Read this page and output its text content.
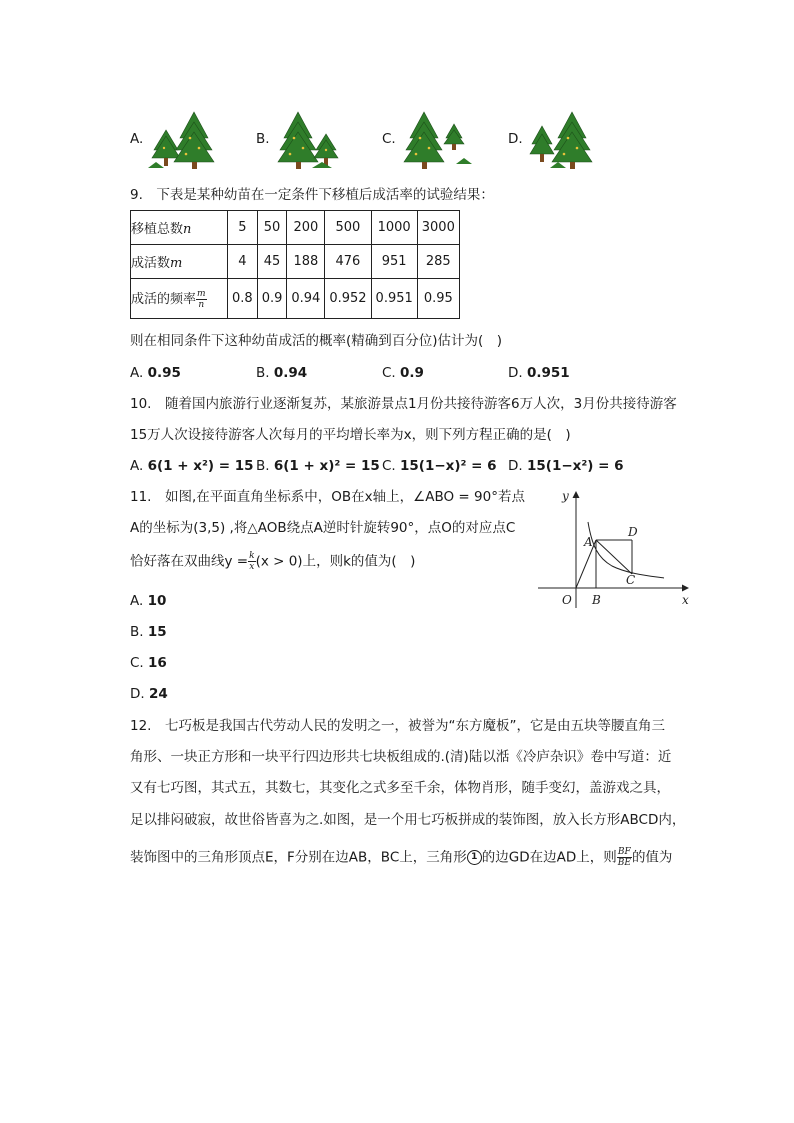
A.	B.	C.	D.
9.　下表是某种幼苗在一定条件下移植后成活率的试验结果：
移植总数n	5	50	200	500	1000	3000
成活数m	4	45	188	476	951	285
成活的频率 $\frac{m}{n}$	0.8	0.9	0.94	0.952	0.951	0.95
则在相同条件下这种幼苗成活的概率(精确到百分位)估计为(　)
A. 0.95	B. 0.94	C. 0.9	D. 0.951
10.　随着国内旅游行业逐渐复苏，某旅游景点1月份共接待游客6万人次，3月份共接待游客
15万人次设接待游客人次每月的平均增长率为x，则下列方程正确的是(　)
A. 6(1 + x²) = 15 B. 6(1 + x)² = 15 C. 15(1−x)² = 6 D. 15(1−x²) = 6
11.　如图,在平面直角坐标系中，OB在x轴上，∠ABO = 90°若点
A的坐标为(3,5) ,将△AOB绕点A逆时针旋转90°，点O的对应点C
恰好落在双曲线$y = \frac{k}{x} (x > 0)$上，则k的值为(　)
A. 10
B. 15
C. 16
D. 24
y
x
O
A
B
C
D
12.　七巧板是我国古代劳动人民的发明之一，被誉为“东方魔板”，它是由五块等腰直角三
角形、一块正方形和一块平行四边形共七块板组成的.(清)陆以湉《冷庐杂识》卷中写道：近
又有七巧图，其式五，其数七，其变化之式多至千余，体物肖形，随手变幻，盖游戏之具，
足以排闷破寂，故世俗皆喜为之.如图，是一个用七巧板拼成的装饰图，放入长方形ABCD内，
装饰图中的三角形顶点E，F分别在边AB，BC上，三角形 1 的边GD在边AD上，则 $\frac{BF}{BE}$ 的值为
